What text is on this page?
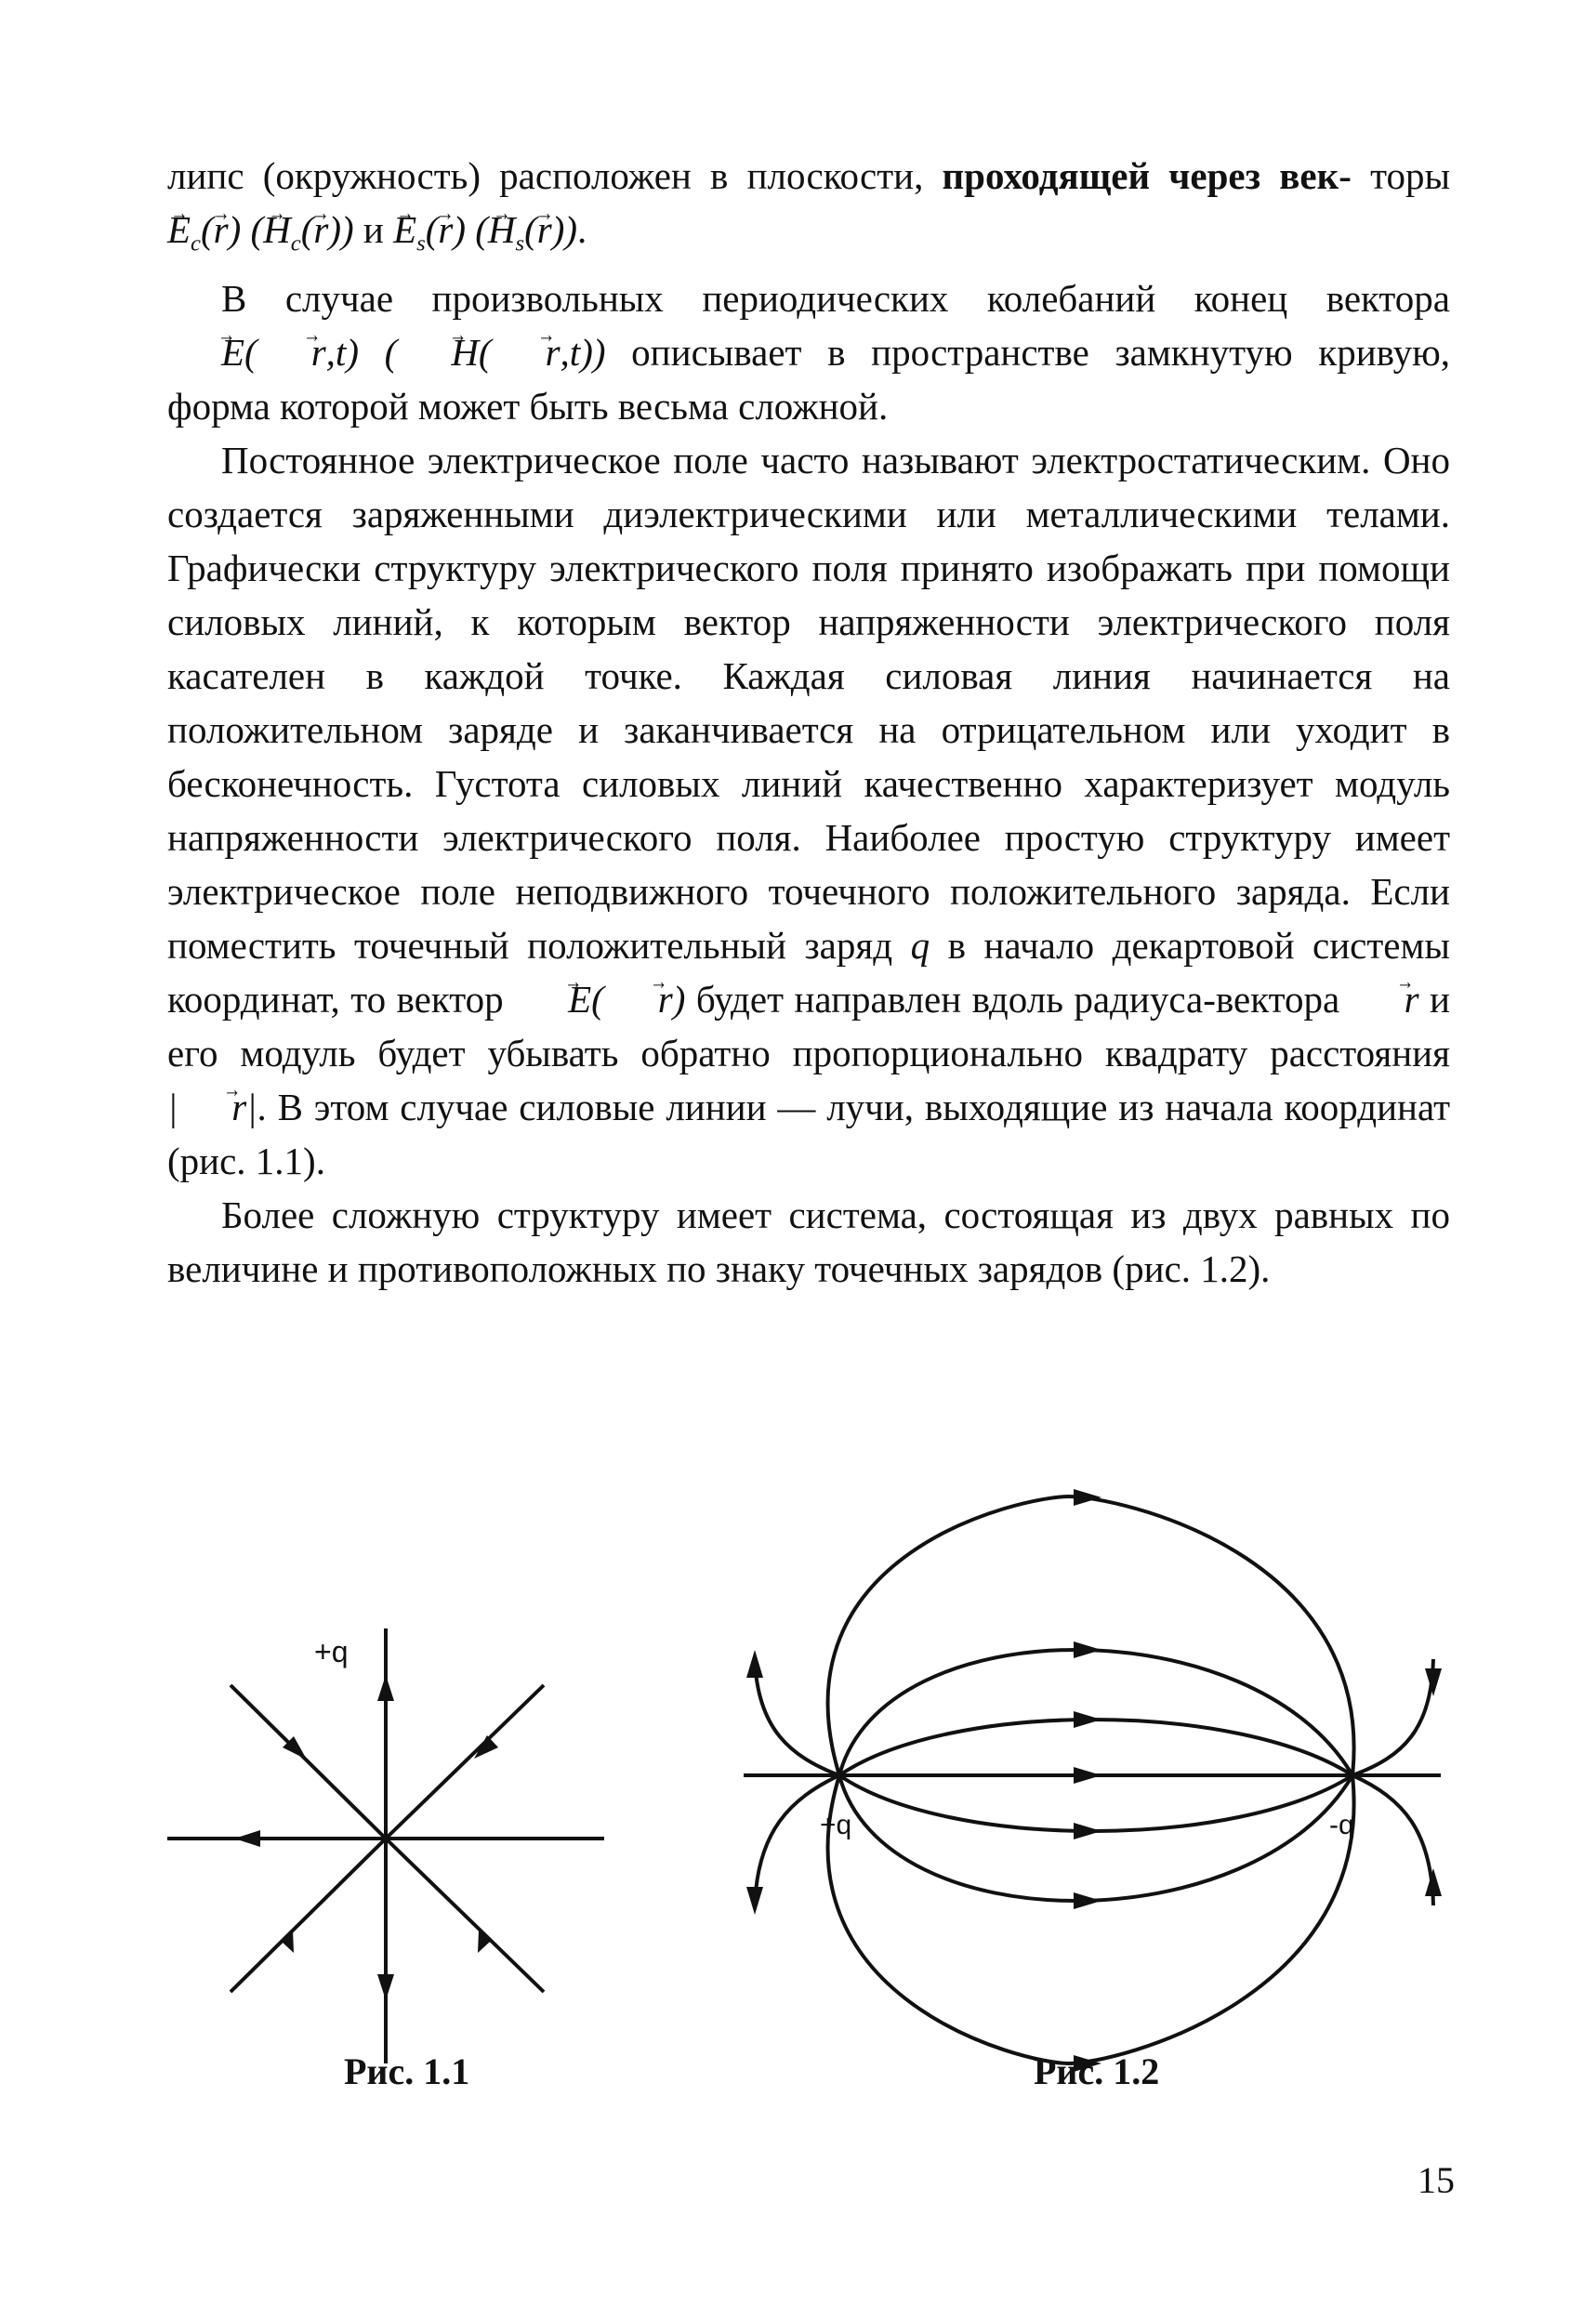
липс (окружность) расположен в плоскости, проходящей через век- торы → $E_c(\to r)$ (→ $H_c(\to r)$) $и \to E_s(\to r)$ (→ $H_s(\to r)$).

В случае произвольных периодических колебаний конец вектора → E( → r,t) ( → H( → r,t)) описывает в пространстве замкнутую кривую, форма которой может быть весьма сложной.

Постоянное электрическое поле часто называют электростатическим. Оно создается заряженными диэлектрическими или металлическими телами. Графически структуру электрического поля принято изображать при помощи силовых линий, к которым вектор напряженности электрического поля касателен в каждой точке. Каждая силовая линия начинается на положительном заряде и заканчивается на отрицательном или уходит в бесконечность. Густота силовых линий качественно характеризует модуль напряженности электрического поля. Наиболее простую структуру имеет электрическое поле неподвижного точечного положительного заряда. Если поместить точечный положительный заряд q в начало декартовой системы координат, то вектор → E( → r) будет направлен вдоль радиуса-вектора → r и его модуль будет убывать обратно пропорционально квадрату расстояния | → r|. В этом случае силовые линии — лучи, выходящие из начала координат (рис. 1.1).

Более сложную структуру имеет система, состоящая из двух равных по величине и противоположных по знаку точечных зарядов (рис. 1.2).

+q
+q	-q
Рис. 1.1	Рис. 1.2
15
